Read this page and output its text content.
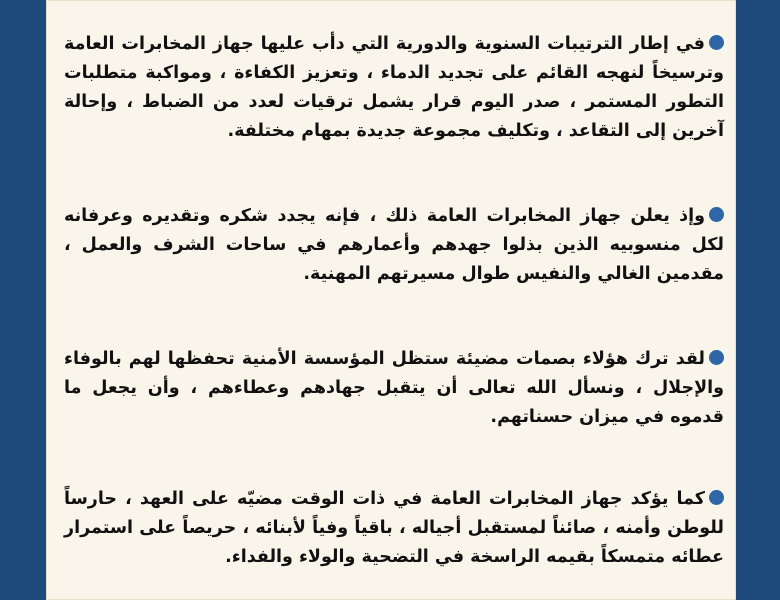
في إطار الترتيبات السنوية والدورية التي دأب عليها جهاز المخابرات العامة وترسيخاً لنهجه القائم على تجديد الدماء ، وتعزيز الكفاءة ، ومواكبة متطلبات التطور المستمر ، صدر اليوم قرار يشمل ترقيات لعدد من الضباط ، وإحالة آخرين إلى التقاعد ، وتكليف مجموعة جديدة بمهام مختلفة.

وإذ يعلن جهاز المخابرات العامة ذلك ، فإنه يجدد شكره وتقديره وعرفانه لكل منسوبيه الذين بذلوا جهدهم وأعمارهم في ساحات الشرف والعمل ، مقدمين الغالي والنفيس طوال مسيرتهم المهنية.

لقد ترك هؤلاء بصمات مضيئة ستظل المؤسسة الأمنية تحفظها لهم بالوفاء والإجلال ، ونسأل الله تعالى أن يتقبل جهادهم وعطاءهم ، وأن يجعل ما قدموه في ميزان حسناتهم.

كما يؤكد جهاز المخابرات العامة في ذات الوقت مضيّه على العهد ، حارساً للوطن وأمنه ، صائناً لمستقبل أجياله ، باقياً وفياً لأبنائه ، حريصاً على استمرار عطائه متمسكاً بقيمه الراسخة في التضحية والولاء والفداء.
